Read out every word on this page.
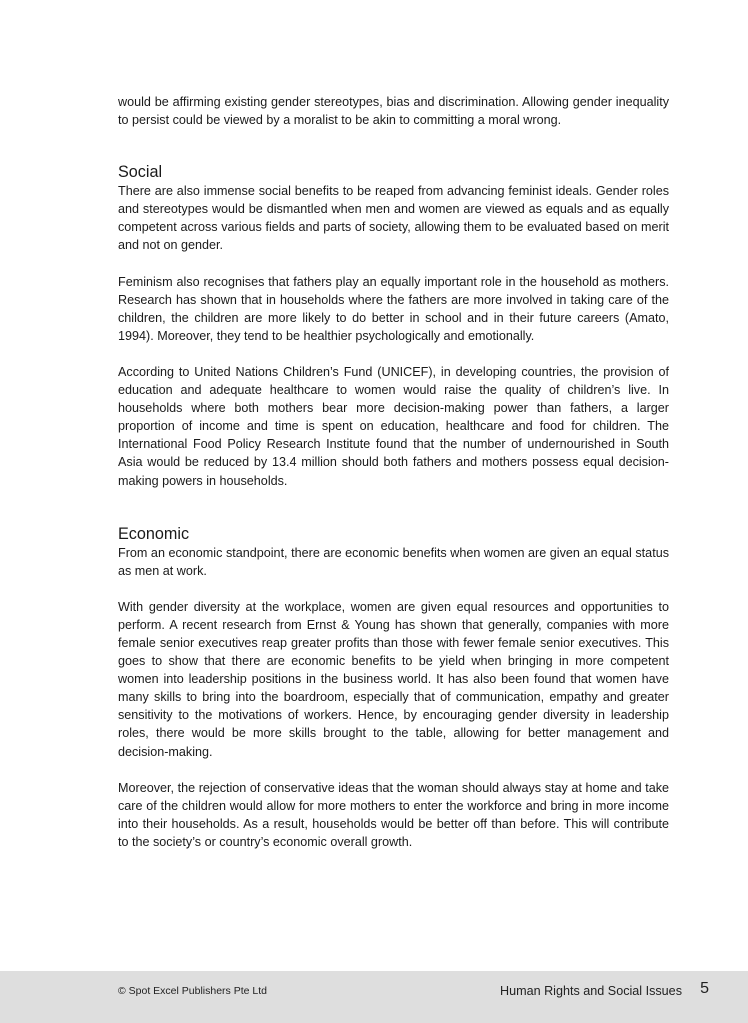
would be affirming existing gender stereotypes, bias and discrimination. Allowing gender inequality to persist could be viewed by a moralist to be akin to committing a moral wrong.

Social

There are also immense social benefits to be reaped from advancing feminist ideals. Gender roles and stereotypes would be dismantled when men and women are viewed as equals and as equally competent across various fields and parts of society, allowing them to be evaluated based on merit and not on gender.

Feminism also recognises that fathers play an equally important role in the household as mothers. Research has shown that in households where the fathers are more involved in taking care of the children, the children are more likely to do better in school and in their future careers (Amato, 1994). Moreover, they tend to be healthier psychologically and emotionally.

According to United Nations Children’s Fund (UNICEF), in developing countries, the provision of education and adequate healthcare to women would raise the quality of children’s live. In households where both mothers bear more decision-making power than fathers, a larger proportion of income and time is spent on education, healthcare and food for children. The International Food Policy Research Institute found that the number of undernourished in South Asia would be reduced by 13.4 million should both fathers and mothers possess equal decision-making powers in households.

Economic

From an economic standpoint, there are economic benefits when women are given an equal status as men at work.

With gender diversity at the workplace, women are given equal resources and opportunities to perform. A recent research from Ernst & Young has shown that generally, companies with more female senior executives reap greater profits than those with fewer female senior executives. This goes to show that there are economic benefits to be yield when bringing in more competent women into leadership positions in the business world. It has also been found that women have many skills to bring into the boardroom, especially that of communication, empathy and greater sensitivity to the motivations of workers. Hence, by encouraging gender diversity in leadership roles, there would be more skills brought to the table, allowing for better management and decision-making.

Moreover, the rejection of conservative ideas that the woman should always stay at home and take care of the children would allow for more mothers to enter the workforce and bring in more income into their households. As a result, households would be better off than before. This will contribute to the society’s or country’s economic overall growth.

© Spot Excel Publishers Pte Ltd	Human Rights and Social Issues 5
